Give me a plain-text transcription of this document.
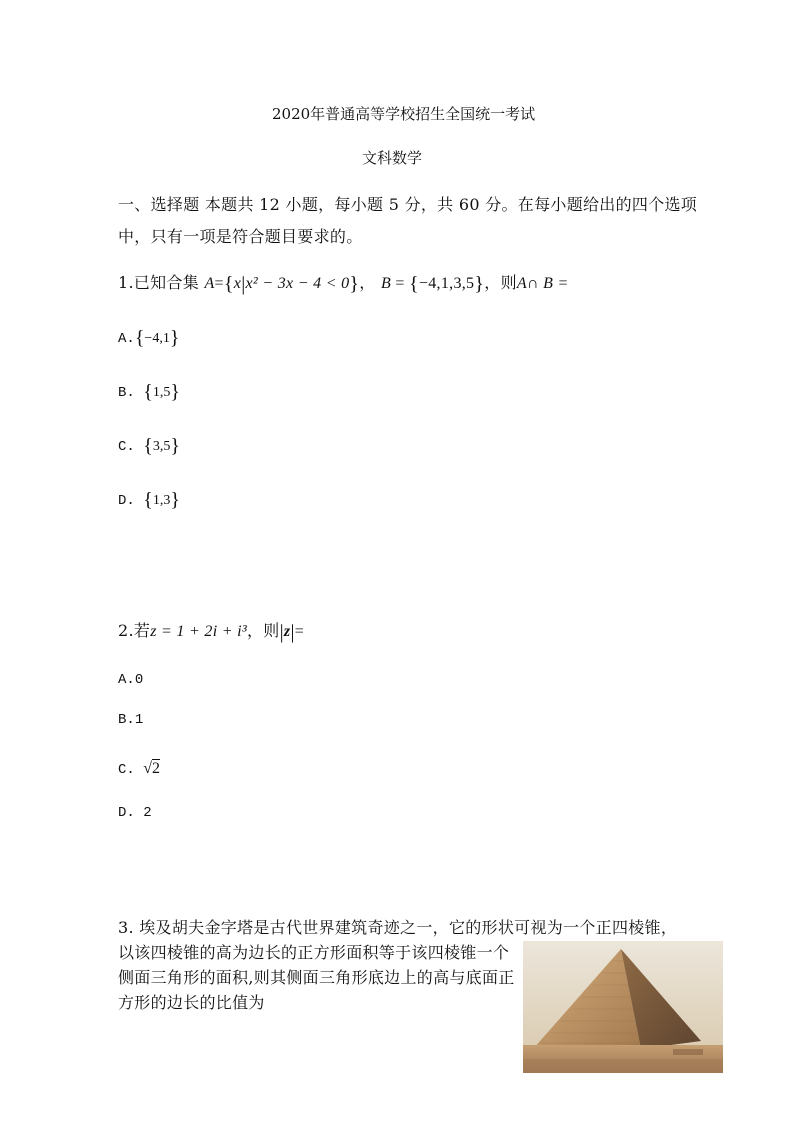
2020年普通高等学校招生全国统一考试
文科数学
一、选择题 本题共 12 小题，每小题 5 分，共 60 分。在每小题给出的四个选项
中，只有一项是符合题目要求的。
1.已知合集 A={x|x² − 3x − 4 < 0}， B = {−4,1,3,5}，则A∩ B =
A.{−4,1}
B. {1,5}
C. {3,5}
D. {1,3}
2.若z = 1 + 2i + i³，则|z|=
A.0
B.1
C. √2
D. 2
3. 埃及胡夫金字塔是古代世界建筑奇迹之一，它的形状可视为一个正四棱锥，
以该四棱锥的高为边长的正方形面积等于该四棱锥一个
侧面三角形的面积,则其侧面三角形底边上的高与底面正
方形的边长的比值为
